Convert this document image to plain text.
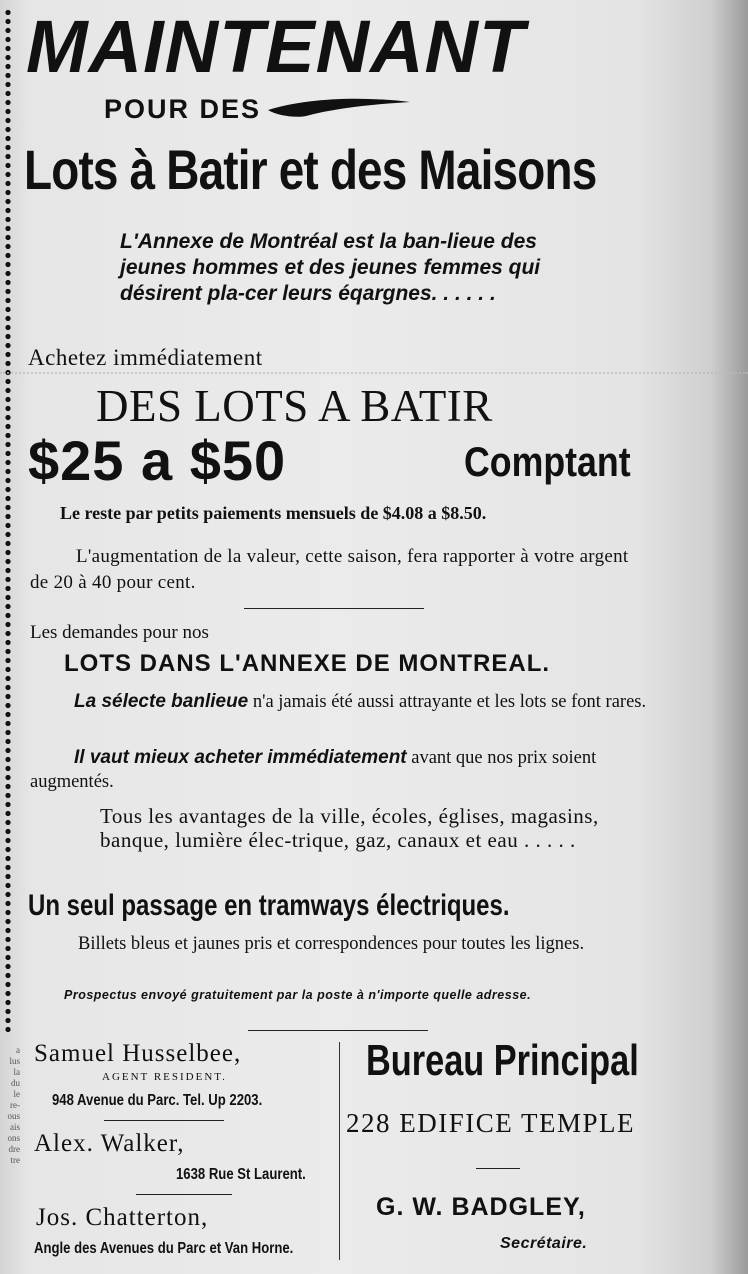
a
lus
la
du
le
re-
ous
ais
ons
dre
tre
MAINTENANT
POUR DES
Lots à Batir et des Maisons
L'Annexe de Montréal est la ban-lieue des jeunes hommes et des jeunes femmes qui désirent pla-cer leurs éqargnes. . . . . .
Achetez immédiatement
DES LOTS A BATIR
$25 a $50	Comptant
Le reste par petits paiements mensuels de $4.08 a $8.50.
L'augmentation de la valeur, cette saison, fera rapporter à votre argent de 20 à 40 pour cent.
Les demandes pour nos
LOTS DANS L'ANNEXE DE MONTREAL.
La sélecte banlieue n'a jamais été aussi attrayante et les lots se font rares.
Il vaut mieux acheter immédiatement avant que nos prix soient augmentés.
Tous les avantages de la ville, écoles, églises, magasins, banque, lumière élec-trique, gaz, canaux et eau . . . . .
Un seul passage en tramways électriques.
Billets bleus et jaunes pris et correspondences pour toutes les lignes.
Prospectus envoyé gratuitement par la poste à n'importe quelle adresse.
Samuel Husselbee,
AGENT RESIDENT.
948 Avenue du Parc. Tel. Up 2203.
Alex. Walker,
1638 Rue St Laurent.
Jos. Chatterton,
Angle des Avenues du Parc et Van Horne.
Bureau Principal
228 EDIFICE TEMPLE
G. W. BADGLEY,
Secrétaire.
